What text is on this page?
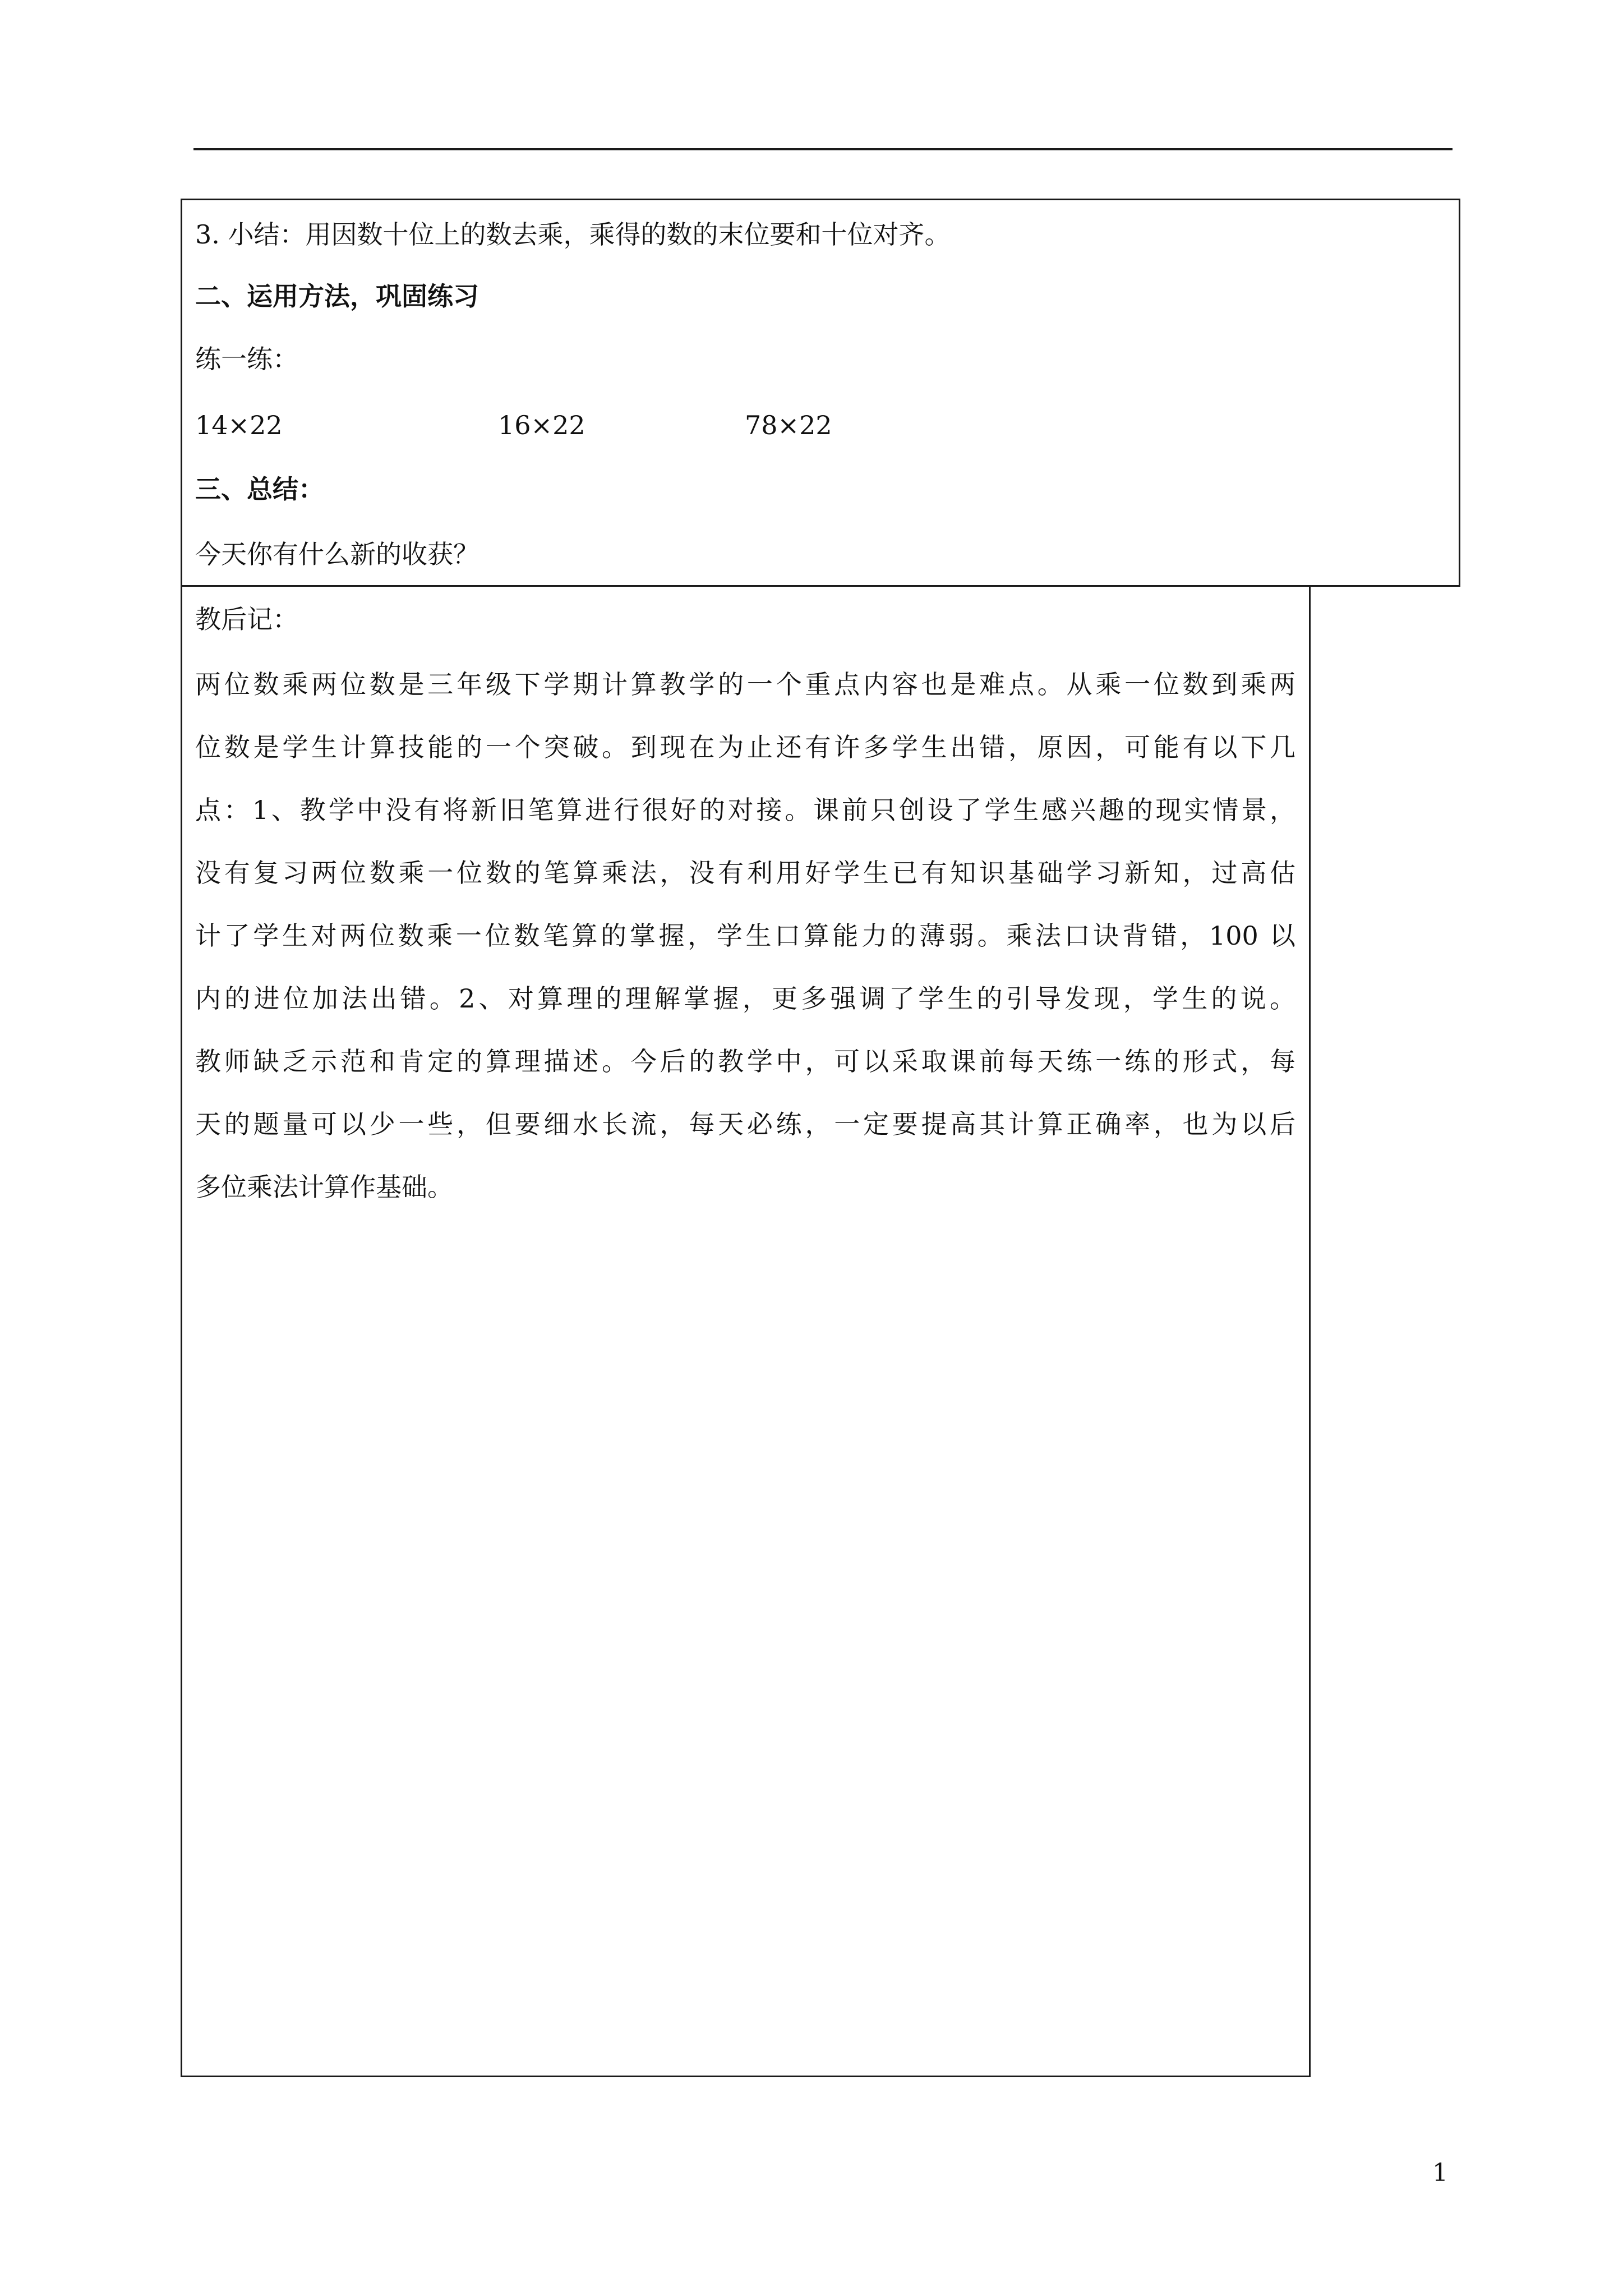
3. 小结：用因数十位上的数去乘，乘得的数的末位要和十位对齐。
二、运用方法，巩固练习
练一练：
14×22	16×22	78×22
三、总结：
今天你有什么新的收获？
教后记：
两位数乘两位数是三年级下学期计算教学的一个重点内容也是难点。从乘一位数到乘两
位数是学生计算技能的一个突破。到现在为止还有许多学生出错，原因，可能有以下几
点：1、教学中没有将新旧笔算进行很好的对接。课前只创设了学生感兴趣的现实情景，
没有复习两位数乘一位数的笔算乘法，没有利用好学生已有知识基础学习新知，过高估
计了学生对两位数乘一位数笔算的掌握，学生口算能力的薄弱。乘法口诀背错，100 以
内的进位加法出错。2、对算理的理解掌握，更多强调了学生的引导发现，学生的说。
教师缺乏示范和肯定的算理描述。今后的教学中，可以采取课前每天练一练的形式，每
天的题量可以少一些，但要细水长流，每天必练，一定要提高其计算正确率，也为以后
多位乘法计算作基础。
1
